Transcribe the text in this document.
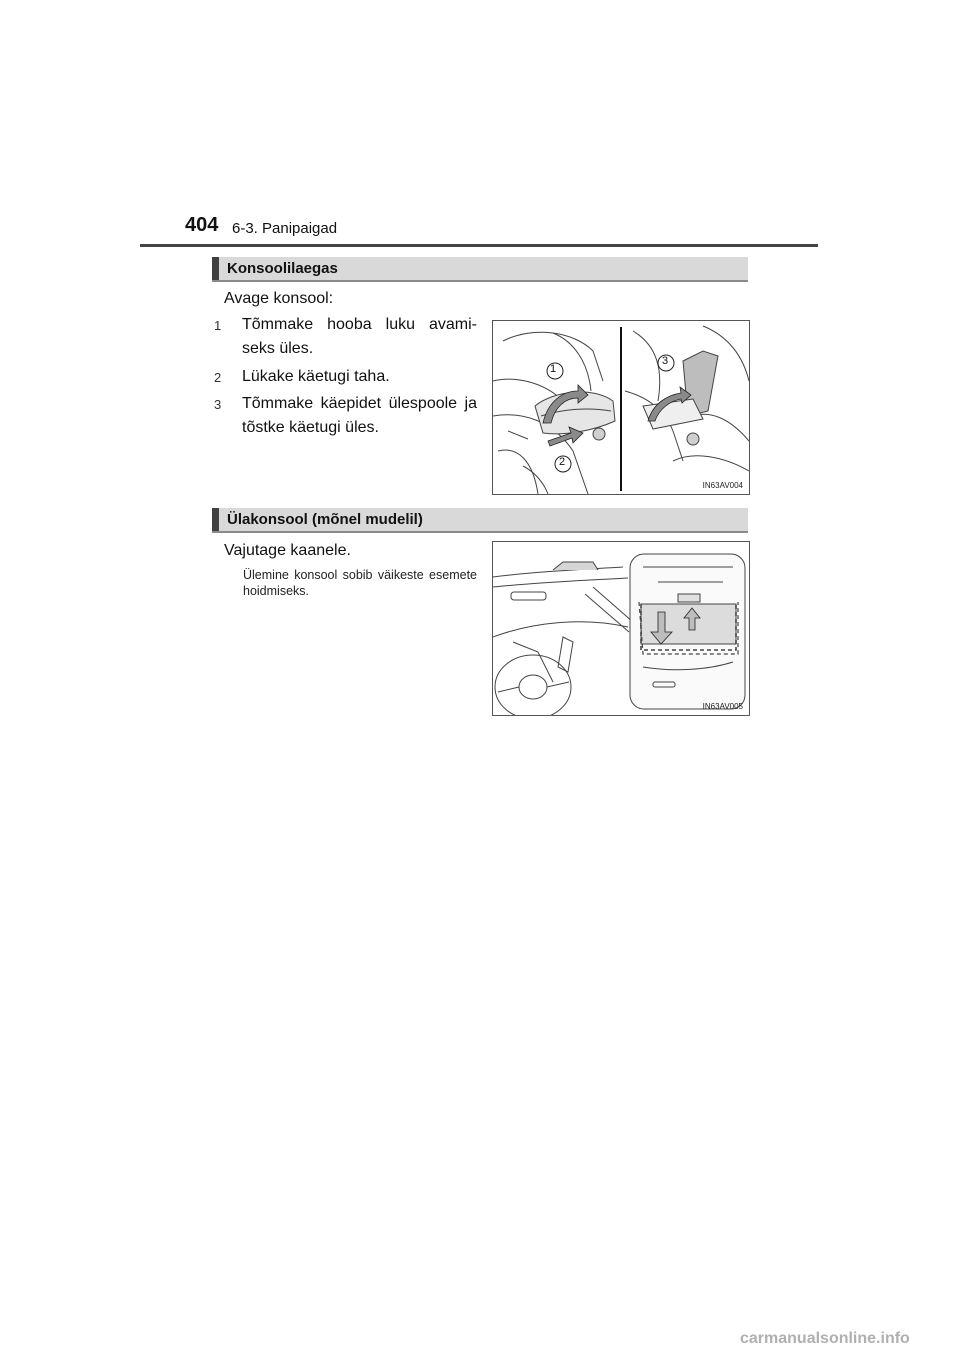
404 6-3. Panipaigad
Konsoolilaegas
Avage konsool:
1 Tõmmake hooba luku avami-seks üles.
2 Lükake käetugi taha.
3 Tõmmake käepidet ülespoole ja tõstke käetugi üles.
1
2
3
IN63AV004
Ülakonsool (mõnel mudelil)
Vajutage kaanele.
Ülemine konsool sobib väikeste esemete hoidmiseks.
IN63AV005
carmanualsonline.info
